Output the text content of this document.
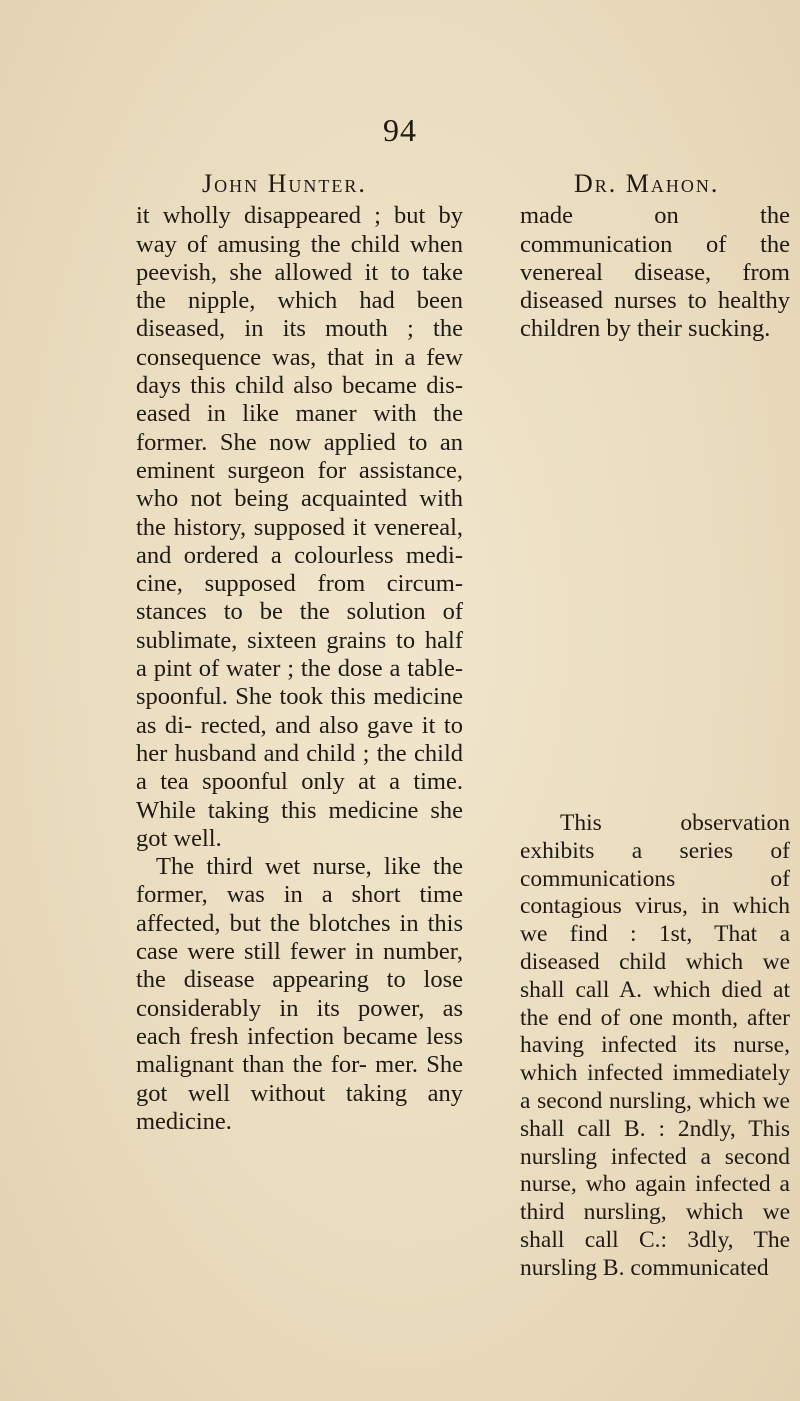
94
John Hunter.

it wholly disappeared ; but by way of amusing the child when peevish, she allowed it to take the nipple, which had been diseased, in its mouth ; the consequence was, that in a few days this child also became dis- eased in like maner with the former. She now applied to an eminent surgeon for assistance, who not being acquainted with the history, supposed it venereal, and ordered a colourless medi- cine, supposed from circum- stances to be the solution of sublimate, sixteen grains to half a pint of water ; the dose a table-spoonful. She took this medicine as di- rected, and also gave it to her husband and child ; the child a tea spoonful only at a time. While taking this medicine she got well.

The third wet nurse, like the former, was in a short time affected, but the blotches in this case were still fewer in number, the disease appearing to lose considerably in its power, as each fresh infection became less malignant than the for- mer. She got well without taking any medicine.

Dr. Mahon.

made on the communication of the venereal disease, from diseased nurses to healthy children by their sucking.

This observation exhibits a series of communications of contagious virus, in which we find : 1st, That a diseased child which we shall call A. which died at the end of one month, after having infected its nurse, which infected immediately a second nursling, which we shall call B. : 2ndly, This nursling infected a second nurse, who again infected a third nursling, which we shall call C.: 3dly, The nursling B. communicated
